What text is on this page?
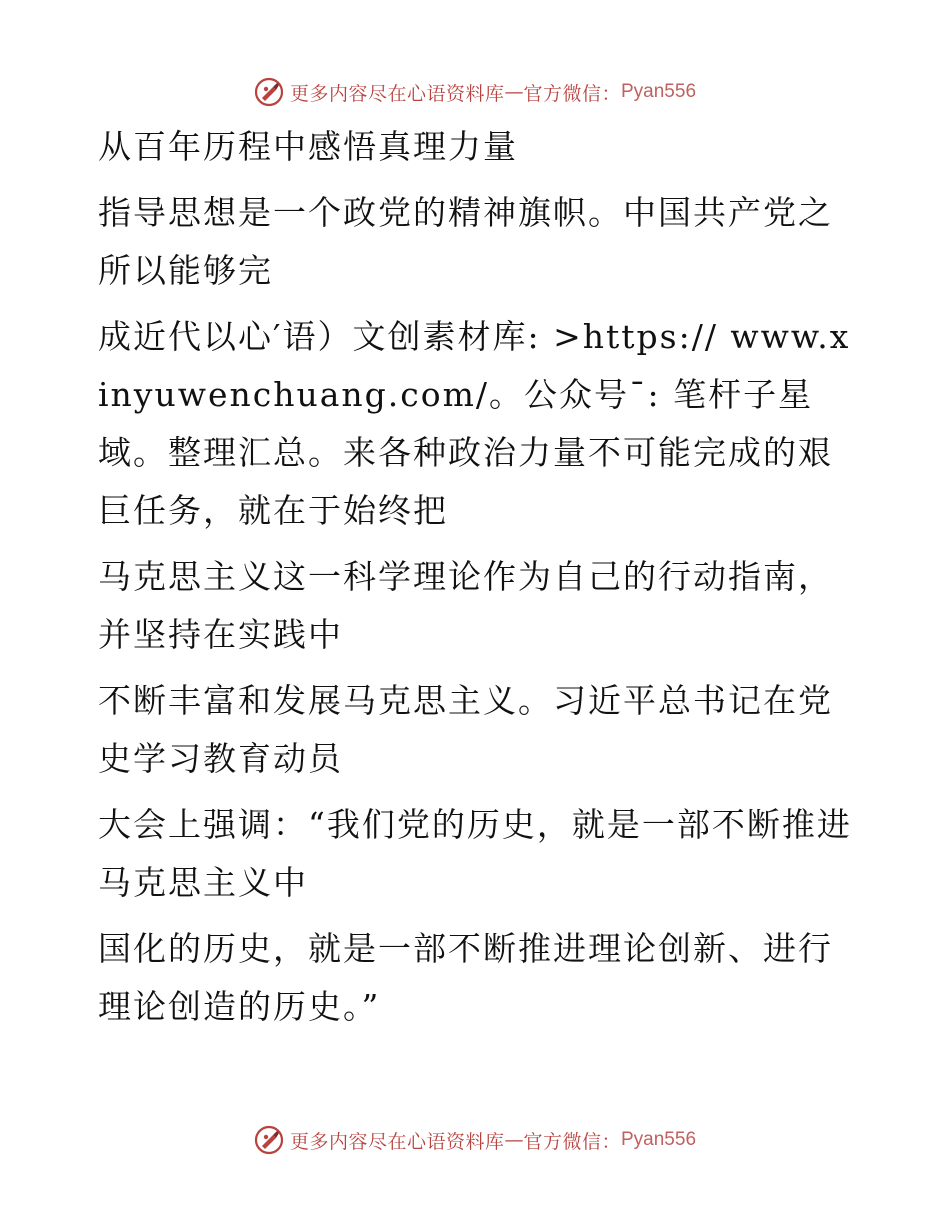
更多内容尽在心语资料库 — 官方微信： Pyan556

从百年历程中感悟真理力量

指导思想是一个政党的精神旗帜。中国共产党之所以能够完

成近代以心′语）文创素材库: >https:// www.xinyuwenchuang.com/。公众号¯: 笔杆子星域。整理汇总。来各种政治力量不可能完成的艰巨任务，就在于始终把

马克思主义这一科学理论作为自己的行动指南，并坚持在实践中

不断丰富和发展马克思主义。习近平总书记在党史学习教育动员

大会上强调：“我们党的历史，就是一部不断推进马克思主义中

国化的历史，就是一部不断推进理论创新、进行理论创造的历史。”

更多内容尽在心语资料库 — 官方微信： Pyan556
